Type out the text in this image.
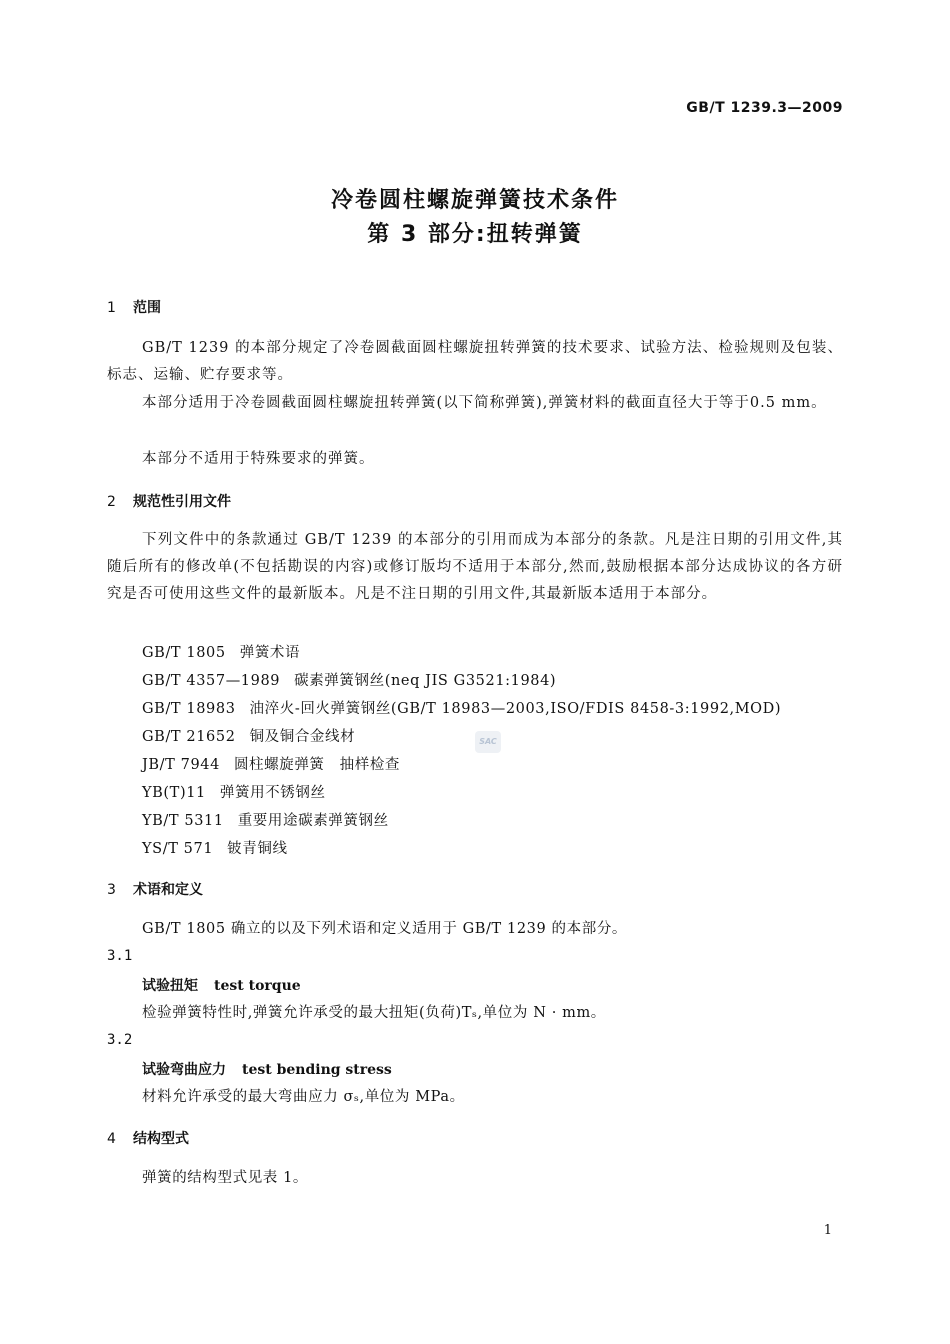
GB/T 1239.3—2009
冷卷圆柱螺旋弹簧技术条件
第 3 部分:扭转弹簧
1 范围

GB/T 1239 的本部分规定了冷卷圆截面圆柱螺旋扭转弹簧的技术要求、试验方法、检验规则及包装、标志、运输、贮存要求等。

本部分适用于冷卷圆截面圆柱螺旋扭转弹簧(以下简称弹簧),弹簧材料的截面直径大于等于0.5 mm。

本部分不适用于特殊要求的弹簧。

2 规范性引用文件

下列文件中的条款通过 GB/T 1239 的本部分的引用而成为本部分的条款。凡是注日期的引用文件,其随后所有的修改单(不包括勘误的内容)或修订版均不适用于本部分,然而,鼓励根据本部分达成协议的各方研究是否可使用这些文件的最新版本。凡是不注日期的引用文件,其最新版本适用于本部分。

GB/T 1805 弹簧术语
GB/T 4357—1989 碳素弹簧钢丝(neq JIS G3521:1984)
GB/T 18983 油淬火-回火弹簧钢丝(GB/T 18983—2003,ISO/FDIS 8458-3:1992,MOD)
GB/T 21652 铜及铜合金线材
JB/T 7944 圆柱螺旋弹簧　抽样检查
YB(T)11 弹簧用不锈钢丝
YB/T 5311 重要用途碳素弹簧钢丝
YS/T 571 铍青铜线
SAC
3 术语和定义
GB/T 1805 确立的以及下列术语和定义适用于 GB/T 1239 的本部分。
3.1
试验扭矩 test torque
检验弹簧特性时,弹簧允许承受的最大扭矩(负荷)Tₛ,单位为 N · mm。
3.2
试验弯曲应力 test bending stress
材料允许承受的最大弯曲应力 σₛ,单位为 MPa。
4 结构型式
弹簧的结构型式见表 1。
1
